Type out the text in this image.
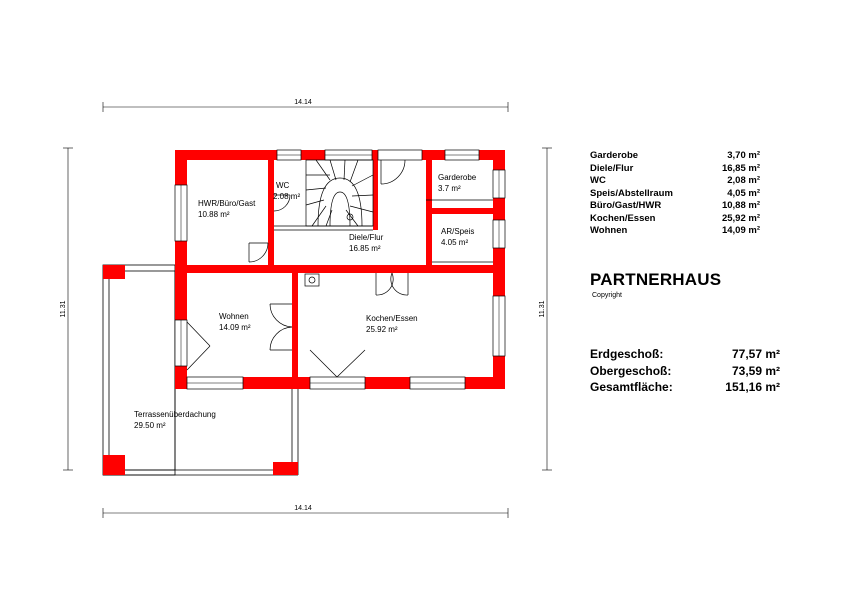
14.14
14.14
11.31	11.31
HWR/Büro/Gast
10.88 m²
WC
2.08 m²
Diele/Flur
16.85 m²
Garderobe
3.7 m²
AR/Speis
4.05 m²
Wohnen
14.09 m²
Kochen/Essen
25.92 m²
Terrassenüberdachung
29.50 m²
Garderobe	3,70 m²
Diele/Flur	16,85 m²
WC	2,08 m²
Speis/Abstellraum	4,05 m²
Büro/Gast/HWR	10,88 m²
Kochen/Essen	25,92 m²
Wohnen	14,09 m²
PARTNERHAUS
Copyright
Erdgeschoß:	77,57 m²
Obergeschoß:	73,59 m²
Gesamtfläche:	151,16 m²
